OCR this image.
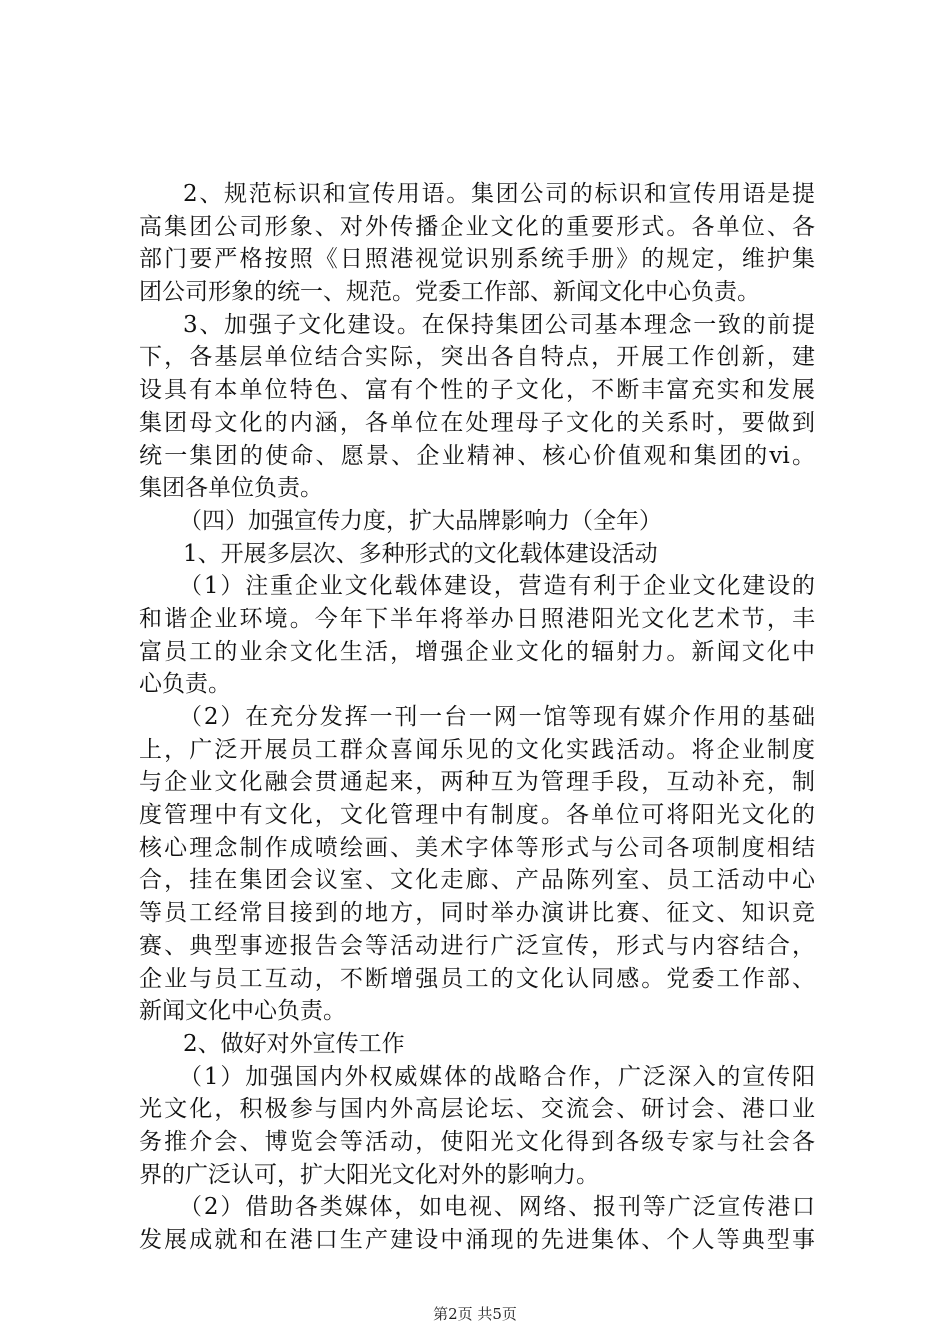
2、规范标识和宣传用语。集团公司的标识和宣传用语是提
高集团公司形象、对外传播企业文化的重要形式。各单位、各
部门要严格按照《日照港视觉识别系统手册》的规定，维护集
团公司形象的统一、规范。党委工作部、新闻文化中心负责。
3、加强子文化建设。在保持集团公司基本理念一致的前提
下，各基层单位结合实际，突出各自特点，开展工作创新，建
设具有本单位特色、富有个性的子文化，不断丰富充实和发展
集团母文化的内涵，各单位在处理母子文化的关系时，要做到
统一集团的使命、愿景、企业精神、核心价值观和集团的vi。
集团各单位负责。
（四）加强宣传力度，扩大品牌影响力（全年）
1、开展多层次、多种形式的文化载体建设活动
（1）注重企业文化载体建设，营造有利于企业文化建设的
和谐企业环境。今年下半年将举办日照港阳光文化艺术节，丰
富员工的业余文化生活，增强企业文化的辐射力。新闻文化中
心负责。
（2）在充分发挥一刊一台一网一馆等现有媒介作用的基础
上，广泛开展员工群众喜闻乐见的文化实践活动。将企业制度
与企业文化融会贯通起来，两种互为管理手段，互动补充，制
度管理中有文化，文化管理中有制度。各单位可将阳光文化的
核心理念制作成喷绘画、美术字体等形式与公司各项制度相结
合，挂在集团会议室、文化走廊、产品陈列室、员工活动中心
等员工经常目接到的地方，同时举办演讲比赛、征文、知识竞
赛、典型事迹报告会等活动进行广泛宣传，形式与内容结合，
企业与员工互动，不断增强员工的文化认同感。党委工作部、
新闻文化中心负责。
2、做好对外宣传工作
（1）加强国内外权威媒体的战略合作，广泛深入的宣传阳
光文化，积极参与国内外高层论坛、交流会、研讨会、港口业
务推介会、博览会等活动，使阳光文化得到各级专家与社会各
界的广泛认可，扩大阳光文化对外的影响力。
（2）借助各类媒体，如电视、网络、报刊等广泛宣传港口
发展成就和在港口生产建设中涌现的先进集体、个人等典型事
第2页 共5页
